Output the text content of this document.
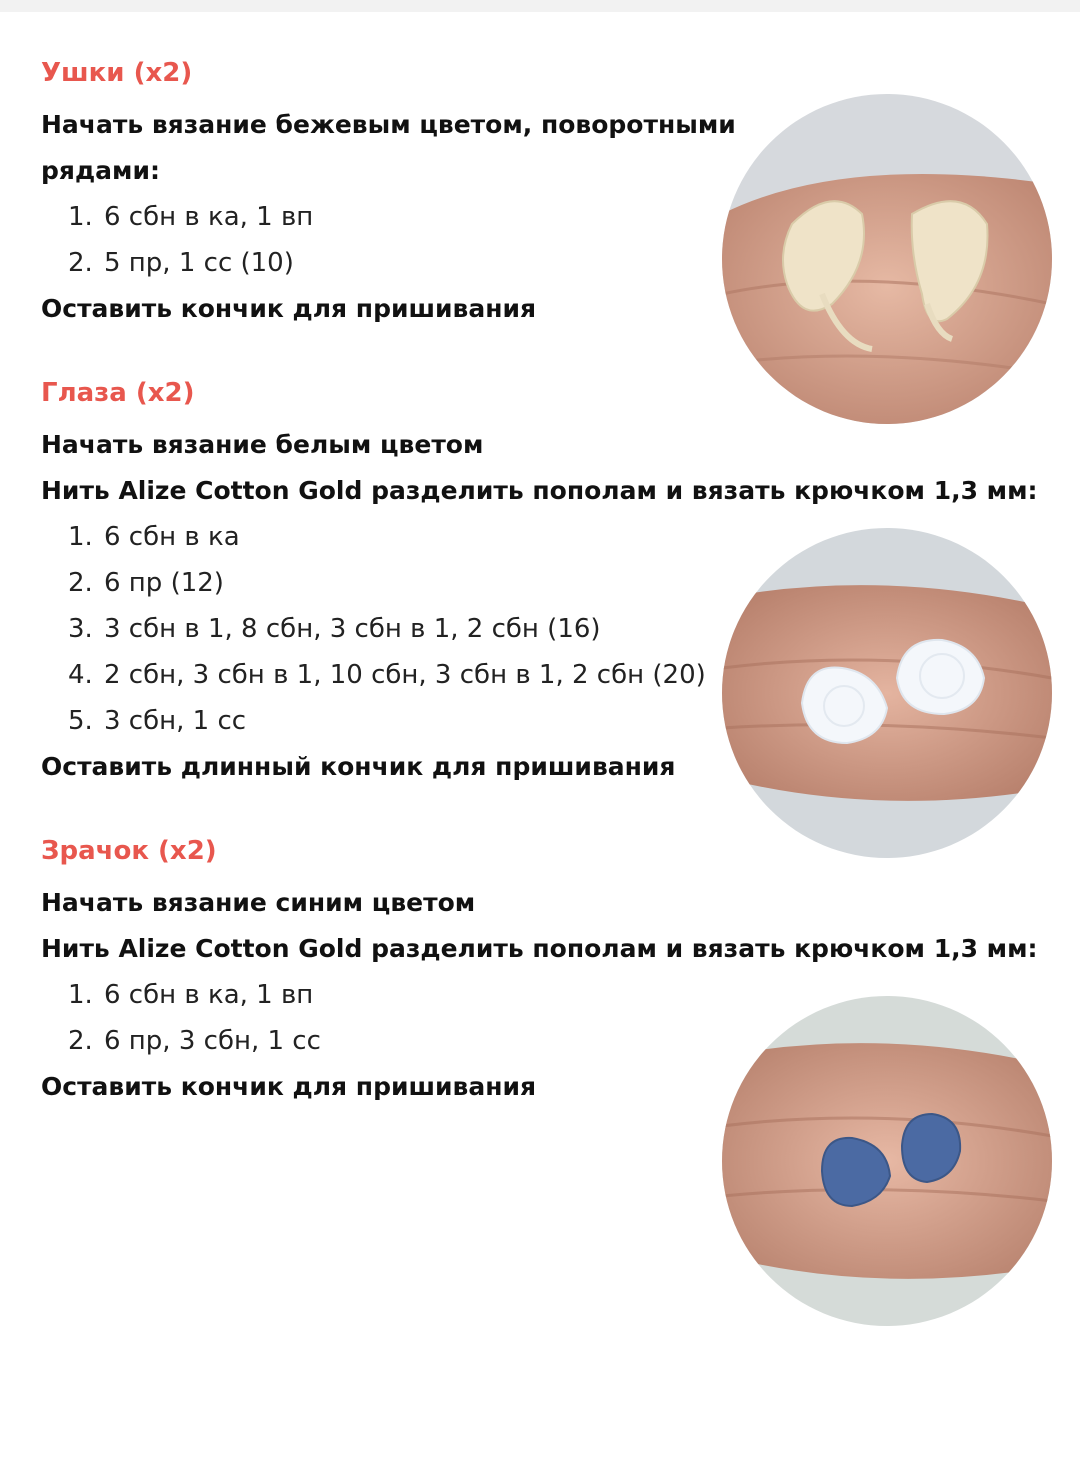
Ушки (x2)
Начать вязание бежевым цветом, поворотными рядами:
1. 6 сбн в ка, 1 вп
2. 5 пр, 1 сс (10)
Оставить кончик для пришивания
Глаза (x2)
Начать вязание белым цветом
Нить Alize Cotton Gold разделить пополам и вязать крючком 1,3 мм:
1. 6 сбн в ка
2. 6 пр (12)
3. 3 сбн в 1, 8 сбн, 3 сбн в 1, 2 сбн (16)
4. 2 сбн, 3 сбн в 1, 10 сбн, 3 сбн в 1, 2 сбн (20)
5. 3 сбн, 1 сс
Оставить длинный кончик для пришивания
Зрачок (x2)
Начать вязание синим цветом
Нить Alize Cotton Gold разделить пополам и вязать крючком 1,3 мм:
1. 6 сбн в ка, 1 вп
2. 6 пр, 3 сбн, 1 сс
Оставить кончик для пришивания
